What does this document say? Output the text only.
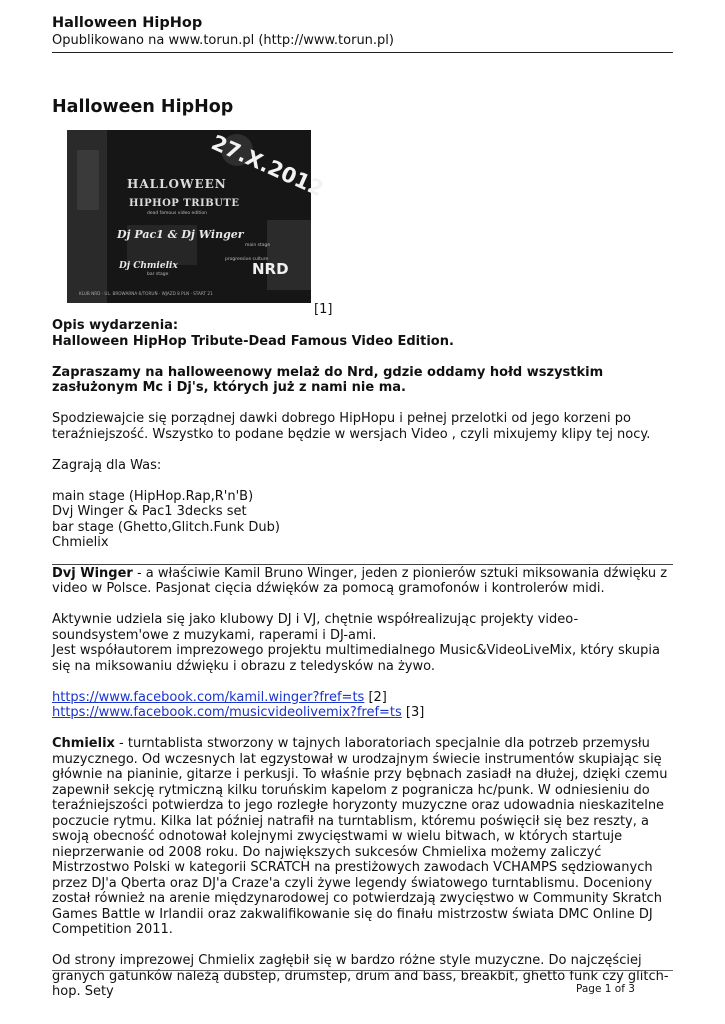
Halloween HipHop
Opublikowano na www.torun.pl (http://www.torun.pl)
Halloween HipHop
27.X.2012
HALLOWEEN
HIPHOP TRIBUTE
dead famous video edition
Dj Pac1 & Dj Winger
main stage
Dj Chmielix
bar stage
progressive culture
NRD
KLUB NRD · UL. BROWARNA 6/TORUŃ · WJAZD 8 PLN · START 21
[1]
Opis wydarzenia:

Halloween HipHop Tribute-Dead Famous Video Edition.

Zapraszamy na halloweenowy melaż do Nrd, gdzie oddamy hołd wszystkim zasłużonym Mc i Dj's, których już z nami nie ma.

Spodziewajcie się porządnej dawki dobrego HipHopu i pełnej przelotki od jego korzeni po teraźniejszość. Wszystko to podane będzie w wersjach Video , czyli mixujemy klipy tej nocy.

Zagrają dla Was:

main stage (HipHop.Rap,R'n'B)
Dvj Winger & Pac1 3decks set
bar stage (Ghetto,Glitch.Funk Dub)
Chmielix

Dvj Winger - a właściwie Kamil Bruno Winger, jeden z pionierów sztuki miksowania dźwięku z video w Polsce. Pasjonat cięcia dźwięków za pomocą gramofonów i kontrolerów midi.

Aktywnie udziela się jako klubowy DJ i VJ, chętnie współrealizując projekty video-soundsystem'owe z muzykami, raperami i DJ-ami.
Jest współautorem imprezowego projektu multimedialnego Music&VideoLiveMix, który skupia się na miksowaniu dźwięku i obrazu z teledysków na żywo.

https://www.facebook.com/kamil.winger?fref=ts [2]
https://www.facebook.com/musicvideolivemix?fref=ts [3]

Chmielix - turntablista stworzony w tajnych laboratoriach specjalnie dla potrzeb przemysłu muzycznego. Od wczesnych lat egzystował w urodzajnym świecie instrumentów skupiając się głównie na pianinie, gitarze i perkusji. To właśnie przy bębnach zasiadł na dłużej, dzięki czemu zapewnił sekcję rytmiczną kilku toruńskim kapelom z pogranicza hc/punk. W odniesieniu do teraźniejszości potwierdza to jego rozległe horyzonty muzyczne oraz udowadnia nieskazitelne poczucie rytmu. Kilka lat później natrafił na turntablism, któremu poświęcił się bez reszty, a swoją obecność odnotował kolejnymi zwycięstwami w wielu bitwach, w których startuje nieprzerwanie od 2008 roku. Do największych sukcesów Chmielixa możemy zaliczyć Mistrzostwo Polski w kategorii SCRATCH na prestiżowych zawodach VCHAMPS sędziowanych przez DJ'a Qberta oraz DJ'a Craze'a czyli żywe legendy światowego turntablismu. Doceniony został również na arenie międzynarodowej co potwierdzają zwycięstwo w Community Skratch Games Battle w Irlandii oraz zakwalifikowanie się do finału mistrzostw świata DMC Online DJ Competition 2011.

Od strony imprezowej Chmielix zagłębił się w bardzo różne style muzyczne. Do najczęściej granych gatunków należą dubstep, drumstep, drum and bass, breakbit, ghetto funk czy glitch-hop. Sety	Page 1 of 3
